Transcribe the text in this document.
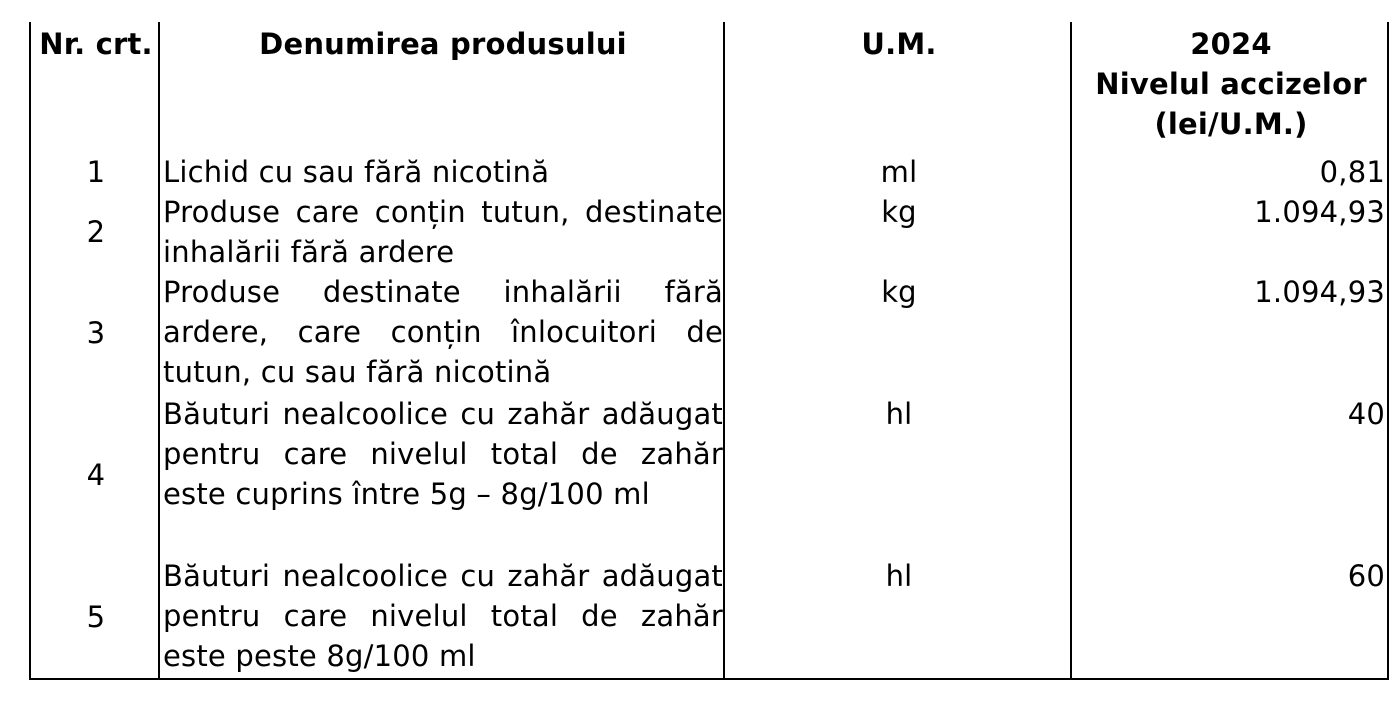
Nr. crt.	Denumirea produsului	U.M.	2024
Nivelul accizelor
(lei/U.M.)

1	Lichid cu sau fără nicotină	ml	0,81
2	Produse care conțin tutun, destinate inhalării fără ardere	kg	1.094,93
3	Produse destinate inhalării fără ardere, care conțin înlocuitori de tutun, cu sau fără nicotină	kg	1.094,93
4	Băuturi nealcoolice cu zahăr adăugat pentru care nivelul total de zahăr este cuprins între 5g – 8g/100 ml	hl	40
5	Băuturi nealcoolice cu zahăr adăugat pentru care nivelul total de zahăr este peste 8g/100 ml	hl	60
